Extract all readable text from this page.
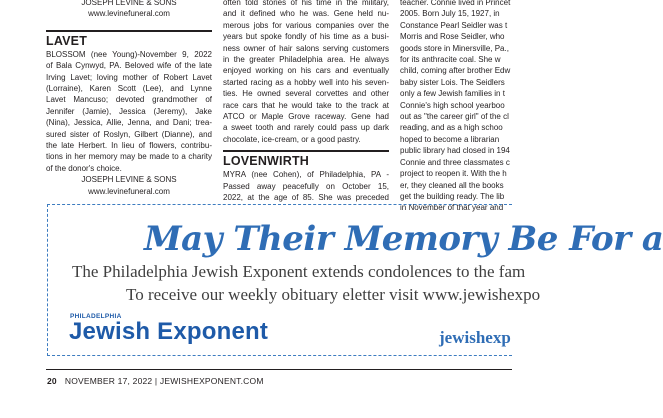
JOSEPH LEVINE & SONS
www.levinefuneral.com
LAVET
BLOSSOM (nee Young)-November 9, 2022
of Bala Cynwyd, PA. Beloved wife of the late
Irving Lavet; loving mother of Robert Lavet
(Lorraine), Karen Scott (Lee), and Lynne
Lavet Mancuso; devoted grandmother of
Jennifer (Jamie), Jessica (Jeremy), Jake
(Nina), Jessica, Allie, Jenna, and Dani; trea-
sured sister of Roslyn, Gilbert (Dianne), and
the late Herbert. In lieu of flowers, contribu-
tions in her memory may be made to a charity
of the donor's choice.
JOSEPH LEVINE & SONS
www.levinefuneral.com
often told stories of his time in the military,
and it defined who he was. Gene held nu-
merous jobs for various companies over the
years but spoke fondly of his time as a busi-
ness owner of hair salons serving customers
in the greater Philadelphia area. He always
enjoyed working on his cars and eventually
started racing as a hobby well into his seven-
ties. He owned several corvettes and other
race cars that he would take to the track at
ATCO or Maple Grove raceway. Gene had
a sweet tooth and rarely could pass up dark
chocolate, ice-cream, or a good pastry.
LOVENWIRTH
MYRA (nee Cohen), of Philadelphia, PA -
Passed away peacefully on October 15,
2022, at the age of 85. She was preceded
teacher. Connie lived in Princet
2005. Born July 15, 1927, in
Constance Pearl Seidler was t
Morris and Rose Seidler, who
goods store in Minersville, Pa.,
for its anthracite coal. She w
child, coming after brother Edw
baby sister Lois. The Seidlers
only a few Jewish families in t
Connie's high school yearboo
out as "the career girl" of the cl
reading, and as a high schoo
hoped to become a librarian
public library had closed in 194
Connie and three classmates c
project to reopen it. With the h
er, they cleaned all the books
get the building ready. The lib
in November of that year and
May Their Memory Be For a
The Philadelphia Jewish Exponent extends condolences to the fam
To receive our weekly obituary eletter visit www.jewishexpo
PHILADELPHIA
Jewish Exponent	jewishexp
20 NOVEMBER 17, 2022 | JEWISHEXPONENT.COM
